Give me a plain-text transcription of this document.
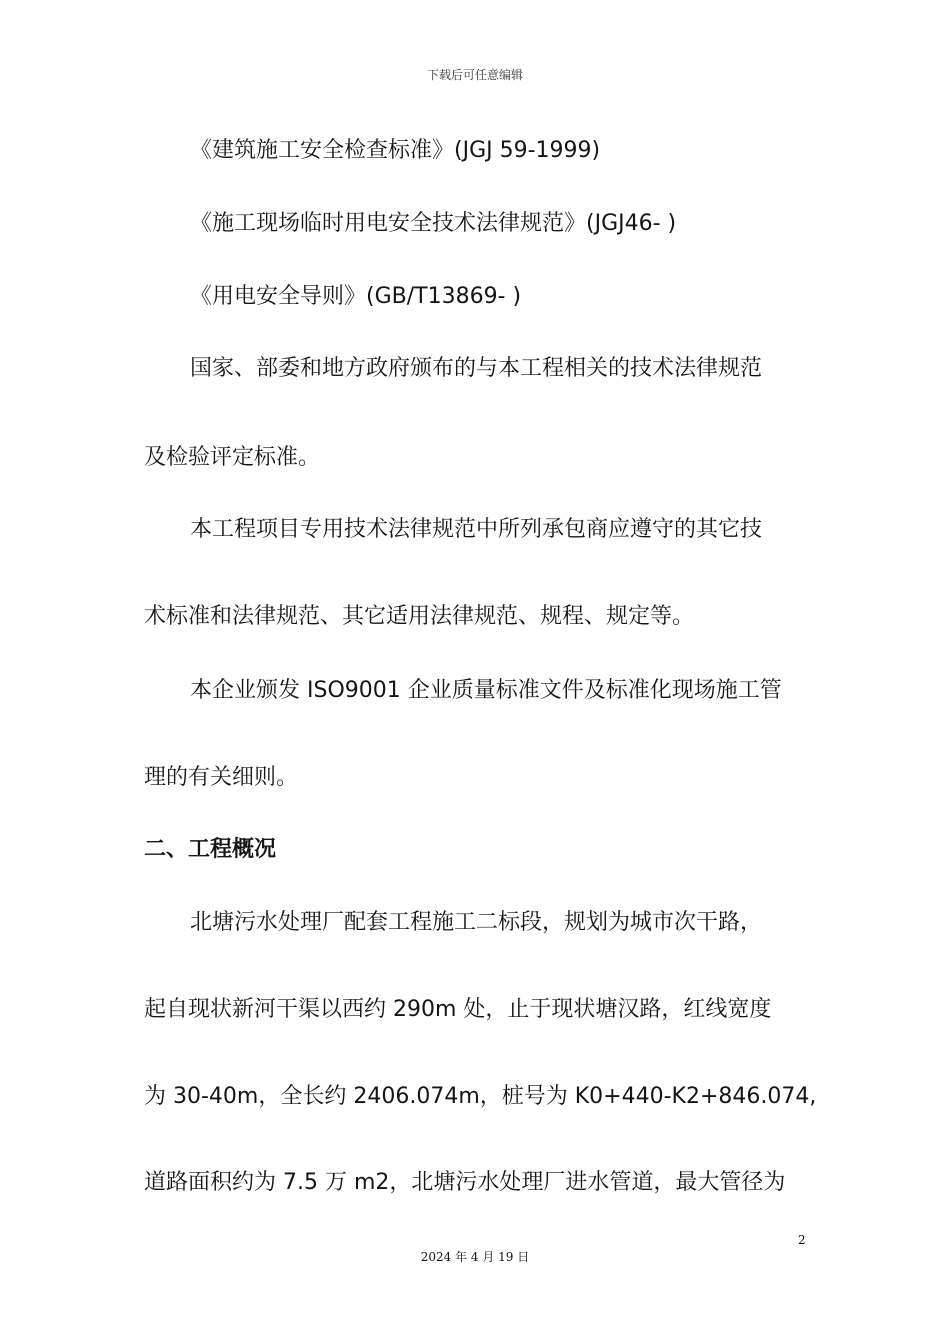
下载后可任意编辑
《建筑施工安全检查标准》(JGJ 59-1999)
《施工现场临时用电安全技术法律规范》(JGJ46- )
《用电安全导则》(GB/T13869- )
国家、部委和地方政府颁布的与本工程相关的技术法律规范
及检验评定标准。
本工程项目专用技术法律规范中所列承包商应遵守的其它技
术标准和法律规范、其它适用法律规范、规程、规定等。
本企业颁发 ISO9001 企业质量标准文件及标准化现场施工管
理的有关细则。
二、工程概况
北塘污水处理厂配套工程施工二标段，规划为城市次干路，
起自现状新河干渠以西约 290m 处，止于现状塘汉路，红线宽度
为 30-40m，全长约 2406.074m，桩号为 K0+440-K2+846.074,
道路面积约为 7.5 万 m2，北塘污水处理厂进水管道，最大管径为
2
2024 年 4 月 19 日
